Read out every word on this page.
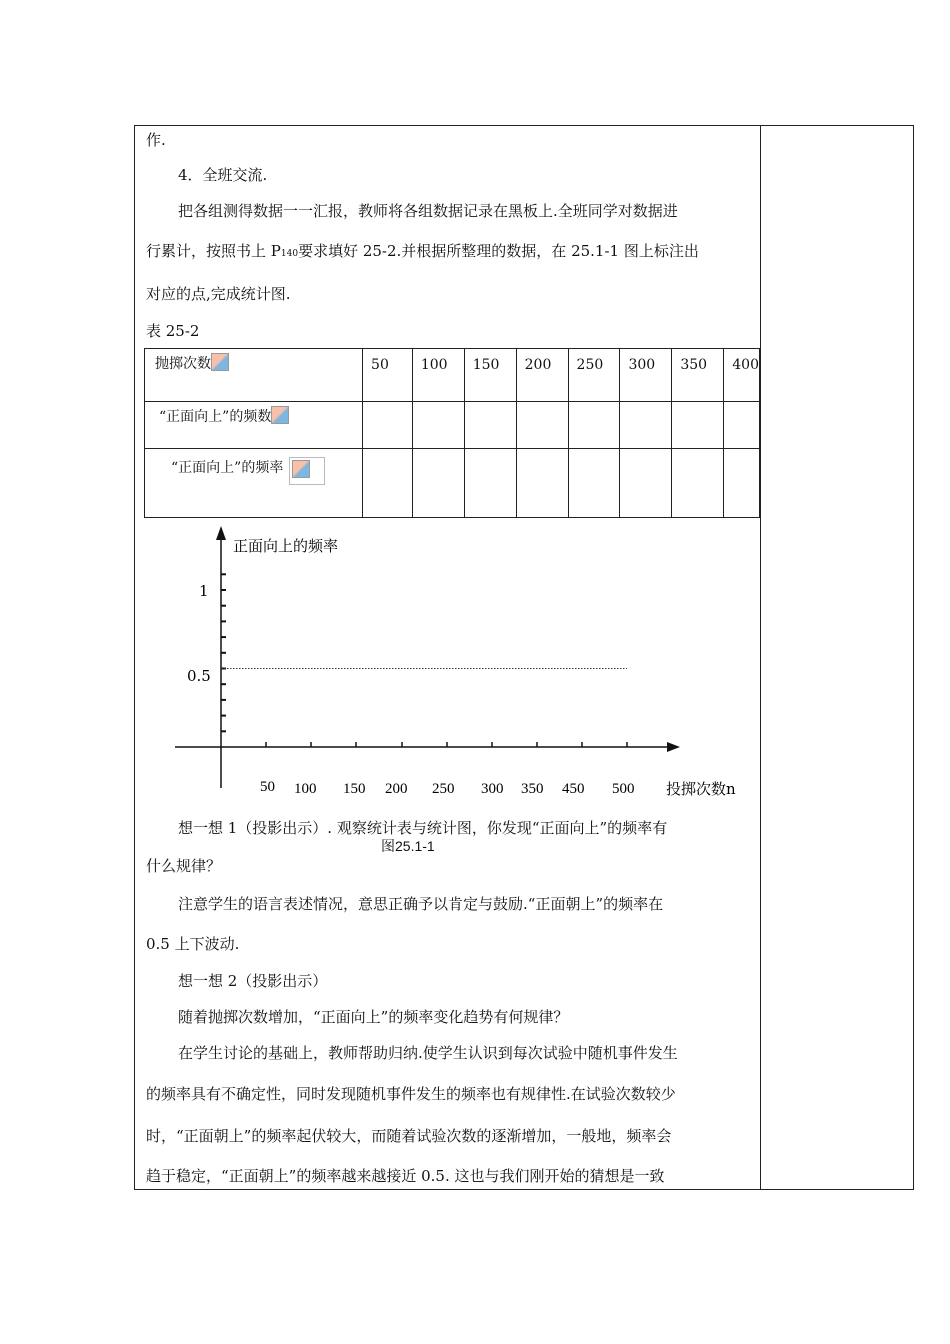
作.
4．全班交流.
把各组测得数据一一汇报，教师将各组数据记录在黑板上.全班同学对数据进
行累计，按照书上 P140要求填好 25-2.并根据所整理的数据，在 25.1-1 图上标注出
对应的点,完成统计图.
表 25-2
抛掷次数	50	100	150	200	250	300	350	400
“正面向上”的频数								
“正面向上”的频率

正面向上的频率
1
0.5
50 100 150 200 250 300 350 450 500 投掷次数n
想一想 1（投影出示）. 观察统计表与统计图，你发现“正面向上”的频率有
图25.1-1
什么规律？
注意学生的语言表述情况，意思正确予以肯定与鼓励.“正面朝上”的频率在
0.5 上下波动.
想一想 2（投影出示）
随着抛掷次数增加，“正面向上”的频率变化趋势有何规律？
在学生讨论的基础上，教师帮助归纳.使学生认识到每次试验中随机事件发生
的频率具有不确定性，同时发现随机事件发生的频率也有规律性.在试验次数较少
时，“正面朝上”的频率起伏较大，而随着试验次数的逐渐增加，一般地，频率会
趋于稳定，“正面朝上”的频率越来越接近 0.5. 这也与我们刚开始的猜想是一致
